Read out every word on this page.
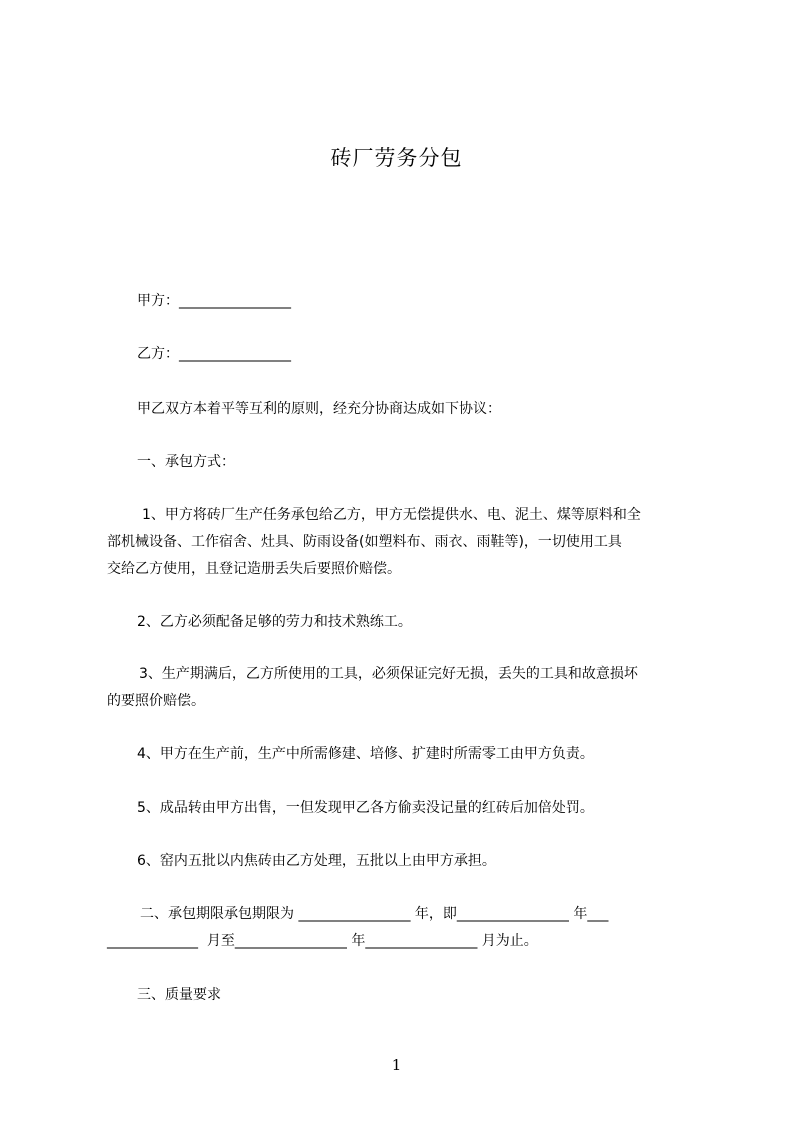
砖厂劳务分包
甲方：________________
乙方：________________
甲乙双方本着平等互利的原则，经充分协商达成如下协议：
一、承包方式：
1、甲方将砖厂生产任务承包给乙方，甲方无偿提供水、电、泥土、煤等原料和全
部机械设备、工作宿舍、灶具、防雨设备(如塑料布、雨衣、雨鞋等)，一切使用工具
交给乙方使用，且登记造册丢失后要照价赔偿。
2、乙方必须配备足够的劳力和技术熟练工。
3、生产期满后，乙方所使用的工具，必须保证完好无损，丢失的工具和故意损坏
的要照价赔偿。
4、甲方在生产前，生产中所需修建、培修、扩建时所需零工由甲方负责。
5、成品转由甲方出售，一但发现甲乙各方偷卖没记量的红砖后加倍处罚。
6、窑内五批以内焦砖由乙方处理，五批以上由甲方承担。
二、承包期限承包期限为 ________________ 年，即________________ 年___
_____________  月至________________ 年________________ 月为止。
三、质量要求
1
